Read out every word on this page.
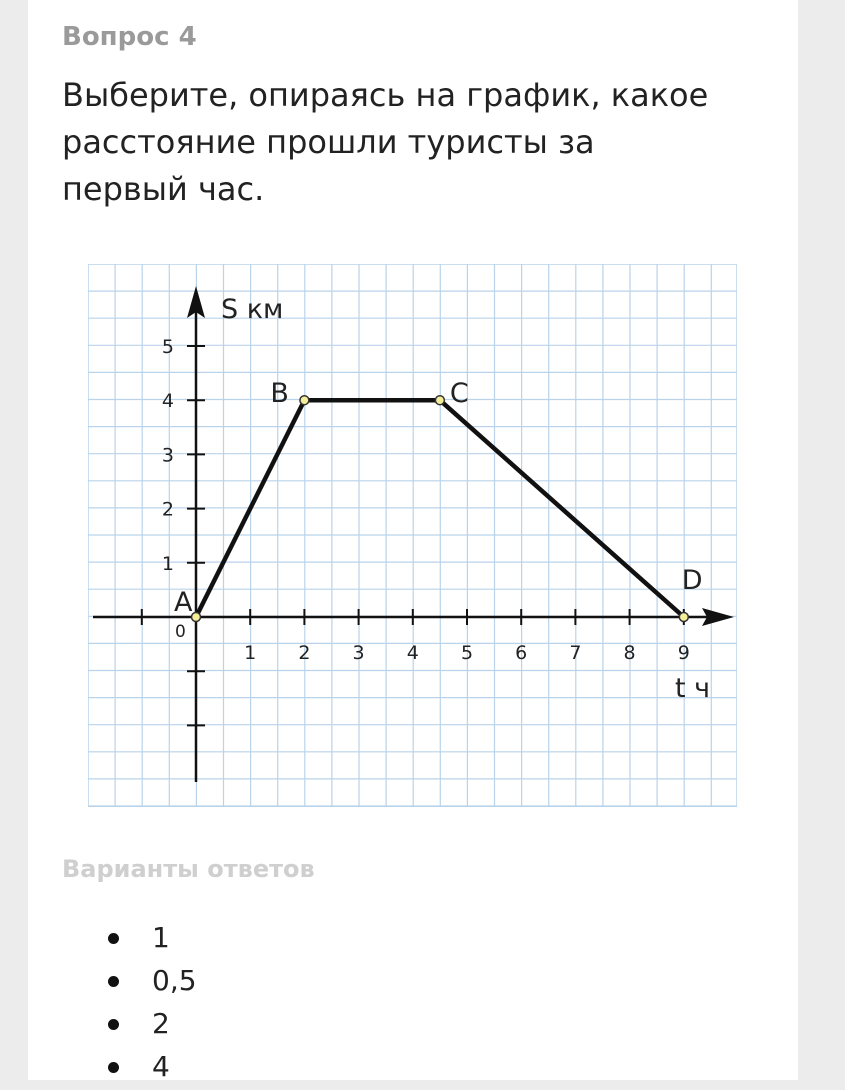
Вопрос 4
Выберите, опираясь на график, какое расстояние прошли туристы за первый час.
S км
t ч
0
1 2 3 4 5 6 7 8 9
1
2
3
4
5
A
B	C
D
Варианты ответов
1
0,5
2
4
